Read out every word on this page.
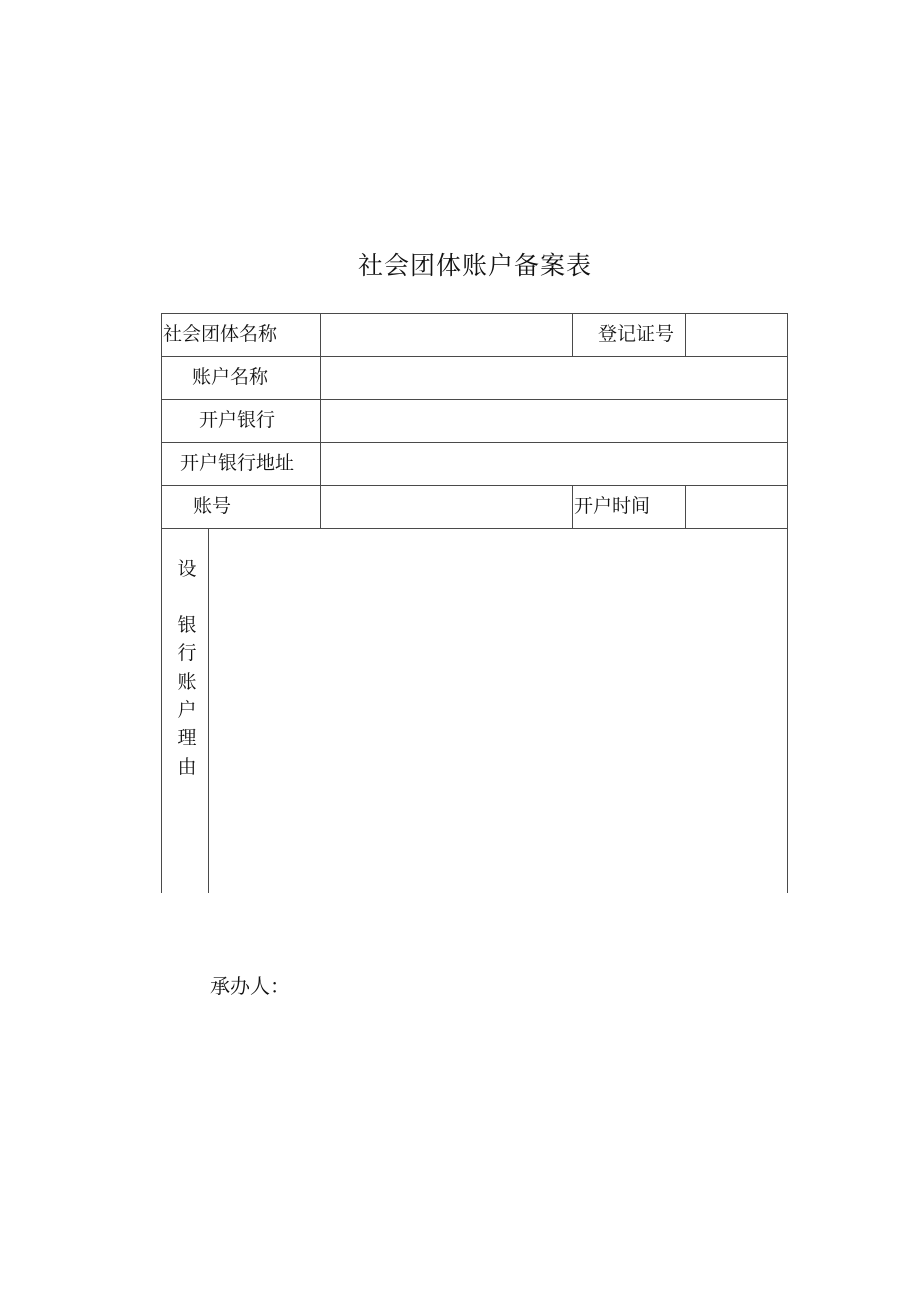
社会团体账户备案表
社会团体名称	登记证号
账户名称
开户银行
开户银行地址
账号	开户时间
设
银
行
账
户
理
由
承办人：
